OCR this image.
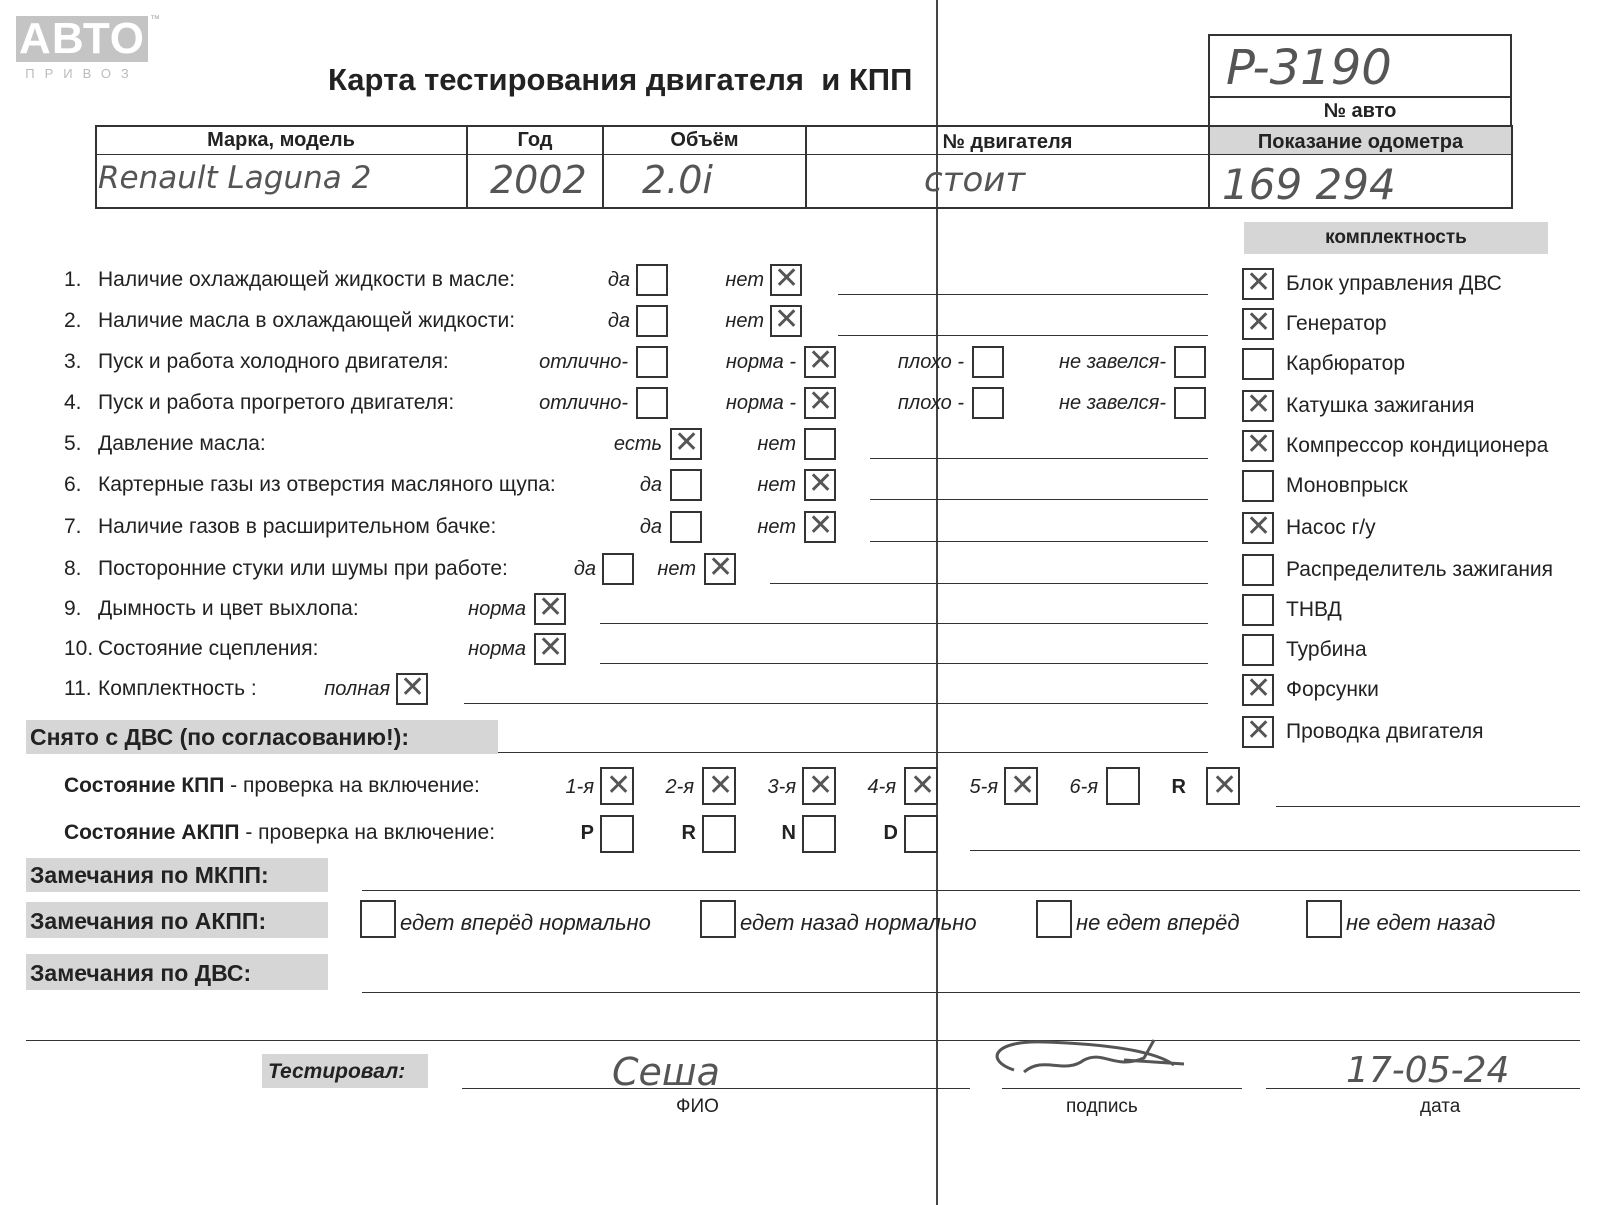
АВТО ™
ПРИВОЗ	Карта тестирования двигателя  и КПП	P-3190
№ авто
Марка, модель	Год	Объём	№ двигателя	Показание одометра
Renault Laguna 2	2002 2.0i	стоит	169 294
комплектность
1. Наличие охлаждающей жидкости в масле:	да	нет ✕
2. Наличие масла в охлаждающей жидкости:	да	нет ✕
3. Пуск и работа холодного двигателя:	отлично-	норма - ✕	плохо -	не завелся-
4. Пуск и работа прогретого двигателя:	отлично-	норма - ✕	плохо -	не завелся-
5. Давление масла:	есть ✕	нет
6. Картерные газы из отверстия масляного щупа:	да	нет ✕
7. Наличие газов в расширительном бачке:	да	нет ✕
8. Посторонние стуки или шумы при работе:	да	нет ✕
9. Дымность и цвет выхлопа:	норма ✕
10. Состояние сцепления:	норма ✕
11. Комплектность :	полная ✕
✕ Блок управления ДВС
✕ Генератор
Карбюратор
✕ Катушка зажигания
✕ Компрессор кондиционера
Моновпрыск
✕ Насос г/у
Распределитель зажигания
ТНВД
Турбина
✕ Форсунки
✕ Проводка двигателя
Снято с ДВС (по согласованию!):
Состояние КПП - проверка на включение:	1-я ✕ 2-я ✕ 3-я ✕ 4-я ✕ 5-я ✕ 6-я	R ✕
Состояние АКПП - проверка на включение:	P	R	N	D
Замечания по МКПП:
Замечания по АКПП:	едет вперёд нормально	едет назад нормально	не едет вперёд	не едет назад
Замечания по ДВС:
Тестировал:	Сеша
ФИО	подпись
17-05-24
дата
